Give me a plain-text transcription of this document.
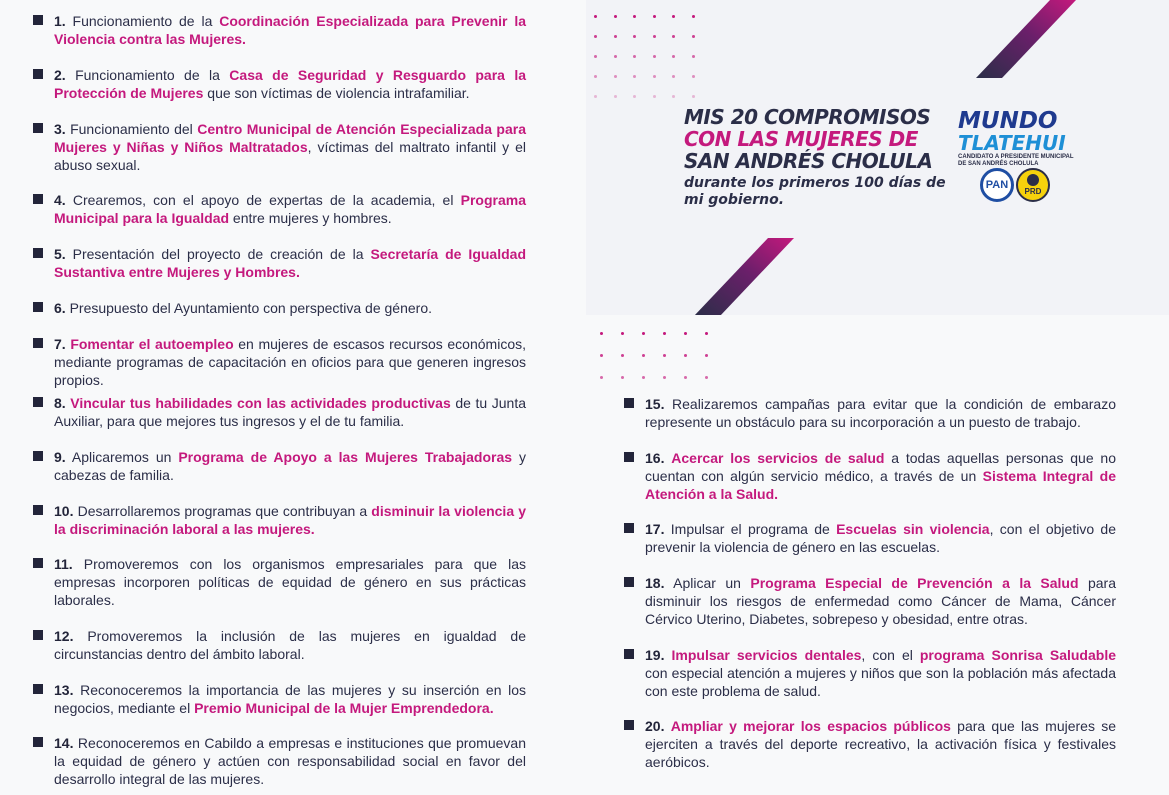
MIS 20 COMPROMISOS
CON LAS MUJERES DE
SAN ANDRÉS CHOLULA
durante los primeros 100 días de mi gobierno.
MUNDO
TLATEHUI
CANDIDATO A PRESIDENTE MUNICIPAL DE SAN ANDRÉS CHOLULA
PAN
PRD
1. Funcionamiento de la Coordinación Especializada para Prevenir la Violencia contra las Mujeres.
2. Funcionamiento de la Casa de Seguridad y Resguardo para la Protección de Mujeres que son víctimas de violencia intrafamiliar.
3. Funcionamiento del Centro Municipal de Atención Especializada para Mujeres y Niñas y Niños Maltratados, víctimas del maltrato infantil y el abuso sexual.
4. Crearemos, con el apoyo de expertas de la academia, el Programa Municipal para la Igualdad entre mujeres y hombres.
5. Presentación del proyecto de creación de la Secretaría de Igualdad Sustantiva entre Mujeres y Hombres.
6. Presupuesto del Ayuntamiento con perspectiva de género.
7. Fomentar el autoempleo en mujeres de escasos recursos económicos, mediante programas de capacitación en oficios para que generen ingresos propios.
8. Vincular tus habilidades con las actividades productivas de tu Junta Auxiliar, para que mejores tus ingresos y el de tu familia.
9. Aplicaremos un Programa de Apoyo a las Mujeres Trabajadoras y cabezas de familia.
10. Desarrollaremos programas que contribuyan a disminuir la violencia y la discriminación laboral a las mujeres.
11. Promoveremos con los organismos empresariales para que las empresas incorporen políticas de equidad de género en sus prácticas laborales.
12. Promoveremos la inclusión de las mujeres en igualdad de circunstancias dentro del ámbito laboral.
13. Reconoceremos la importancia de las mujeres y su inserción en los negocios, mediante el Premio Municipal de la Mujer Emprendedora.
14. Reconoceremos en Cabildo a empresas e instituciones que promuevan la equidad de género y actúen con responsabilidad social en favor del desarrollo integral de las mujeres.
15. Realizaremos campañas para evitar que la condición de embarazo represente un obstáculo para su incorporación a un puesto de trabajo.
16. Acercar los servicios de salud a todas aquellas personas que no cuentan con algún servicio médico, a través de un Sistema Integral de Atención a la Salud.
17. Impulsar el programa de Escuelas sin violencia, con el objetivo de prevenir la violencia de género en las escuelas.
18. Aplicar un Programa Especial de Prevención a la Salud para disminuir los riesgos de enfermedad como Cáncer de Mama, Cáncer Cérvico Uterino, Diabetes, sobrepeso y obesidad, entre otras.
19. Impulsar servicios dentales, con el programa Sonrisa Saludable con especial atención a mujeres y niños que son la población más afectada con este problema de salud.
20. Ampliar y mejorar los espacios públicos para que las mujeres se ejerciten a través del deporte recreativo, la activación física y festivales aeróbicos.
